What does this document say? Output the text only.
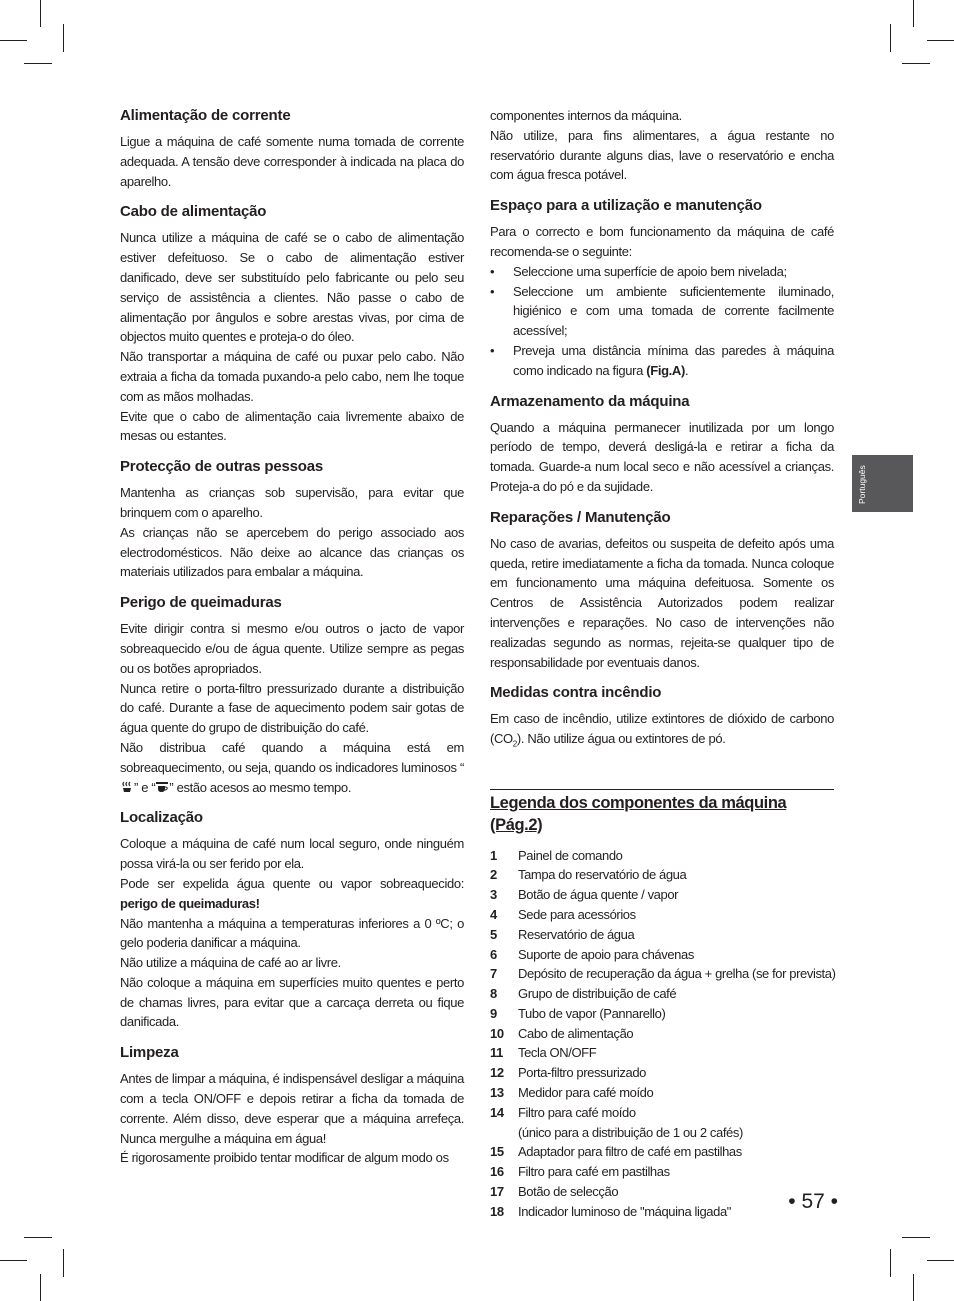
Alimentação de corrente

Ligue a máquina de café somente numa tomada de corrente adequada. A tensão deve corresponder à indicada na placa do aparelho.

Cabo de alimentação

Nunca utilize a máquina de café se o cabo de alimentação estiver defeituoso. Se o cabo de alimentação estiver danificado, deve ser substituído pelo fabricante ou pelo seu serviço de assistência a clientes. Não passe o cabo de alimentação por ângulos e sobre arestas vivas, por cima de objectos muito quentes e proteja-o do óleo.

Não transportar a máquina de café ou puxar pelo cabo. Não extraia a ficha da tomada puxando-a pelo cabo, nem lhe toque com as mãos molhadas.

Evite que o cabo de alimentação caia livremente abaixo de mesas ou estantes.

Protecção de outras pessoas

Mantenha as crianças sob supervisão, para evitar que brinquem com o aparelho.

As crianças não se apercebem do perigo associado aos electrodomésticos. Não deixe ao alcance das crianças os materiais utilizados para embalar a máquina.

Perigo de queimaduras

Evite dirigir contra si mesmo e/ou outros o jacto de vapor sobreaquecido e/ou de água quente. Utilize sempre as pegas ou os botões apropriados.

Nunca retire o porta-filtro pressurizado durante a distribuição do café. Durante a fase de aquecimento podem sair gotas de água quente do grupo de distribuição do café.

Não distribua café quando a máquina está em sobreaquecimento, ou seja, quando os indicadores luminosos “” e “ ” estão acesos ao mesmo tempo.

Localização

Coloque a máquina de café num local seguro, onde ninguém possa virá-la ou ser ferido por ela.

Pode ser expelida água quente ou vapor sobreaquecido: perigo de queimaduras!

Não mantenha a máquina a temperaturas inferiores a 0 ºC; o gelo poderia danificar a máquina.

Não utilize a máquina de café ao ar livre.

Não coloque a máquina em superfícies muito quentes e perto de chamas livres, para evitar que a carcaça derreta ou fique danificada.

Limpeza

Antes de limpar a máquina, é indispensável desligar a máquina com a tecla ON/OFF e depois retirar a ficha da tomada de corrente. Além disso, deve esperar que a máquina arrefeça. Nunca mergulhe a máquina em água!

É rigorosamente proibido tentar modificar de algum modo os

componentes internos da máquina.

Não utilize, para fins alimentares, a água restante no reservatório durante alguns dias, lave o reservatório e encha com água fresca potável.

Espaço para a utilização e manutenção

Para o correcto e bom funcionamento da máquina de café recomenda-se o seguinte:

• Seleccione uma superfície de apoio bem nivelada;
• Seleccione um ambiente suficientemente iluminado, higiénico e com uma tomada de corrente facilmente acessível;
• Preveja uma distância mínima das paredes à máquina como indicado na figura (Fig.A).
Armazenamento da máquina

Quando a máquina permanecer inutilizada por um longo período de tempo, deverá desligá-la e retirar a ficha da tomada. Guarde-a num local seco e não acessível a crianças. Proteja-a do pó e da sujidade.

Reparações / Manutenção

No caso de avarias, defeitos ou suspeita de defeito após uma queda, retire imediatamente a ficha da tomada. Nunca coloque em funcionamento uma máquina defeituosa. Somente os Centros de Assistência Autorizados podem realizar intervenções e reparações. No caso de intervenções não realizadas segundo as normas, rejeita-se qualquer tipo de responsabilidade por eventuais danos.

Medidas contra incêndio

Em caso de incêndio, utilize extintores de dióxido de carbono $(CO_2)$. Não utilize água ou extintores de pó.

Legenda dos componentes da máquina (Pág.2)
1	Painel de comando
2	Tampa do reservatório de água
3	Botão de água quente / vapor
4	Sede para acessórios
5	Reservatório de água
6	Suporte de apoio para chávenas
7	Depósito de recuperação da água + grelha (se for prevista)
8	Grupo de distribuição de café
9	Tubo de vapor (Pannarello)
10	Cabo de alimentação
11	Tecla ON/OFF
12	Porta-filtro pressurizado
13	Medidor para café moído
14	Filtro para café moído
(único para a distribuição de 1 ou 2 cafés)
15	Adaptador para filtro de café em pastilhas
16	Filtro para café em pastilhas
17	Botão de selecção
18	Indicador luminoso de "máquina ligada"
Português
• 57 •
